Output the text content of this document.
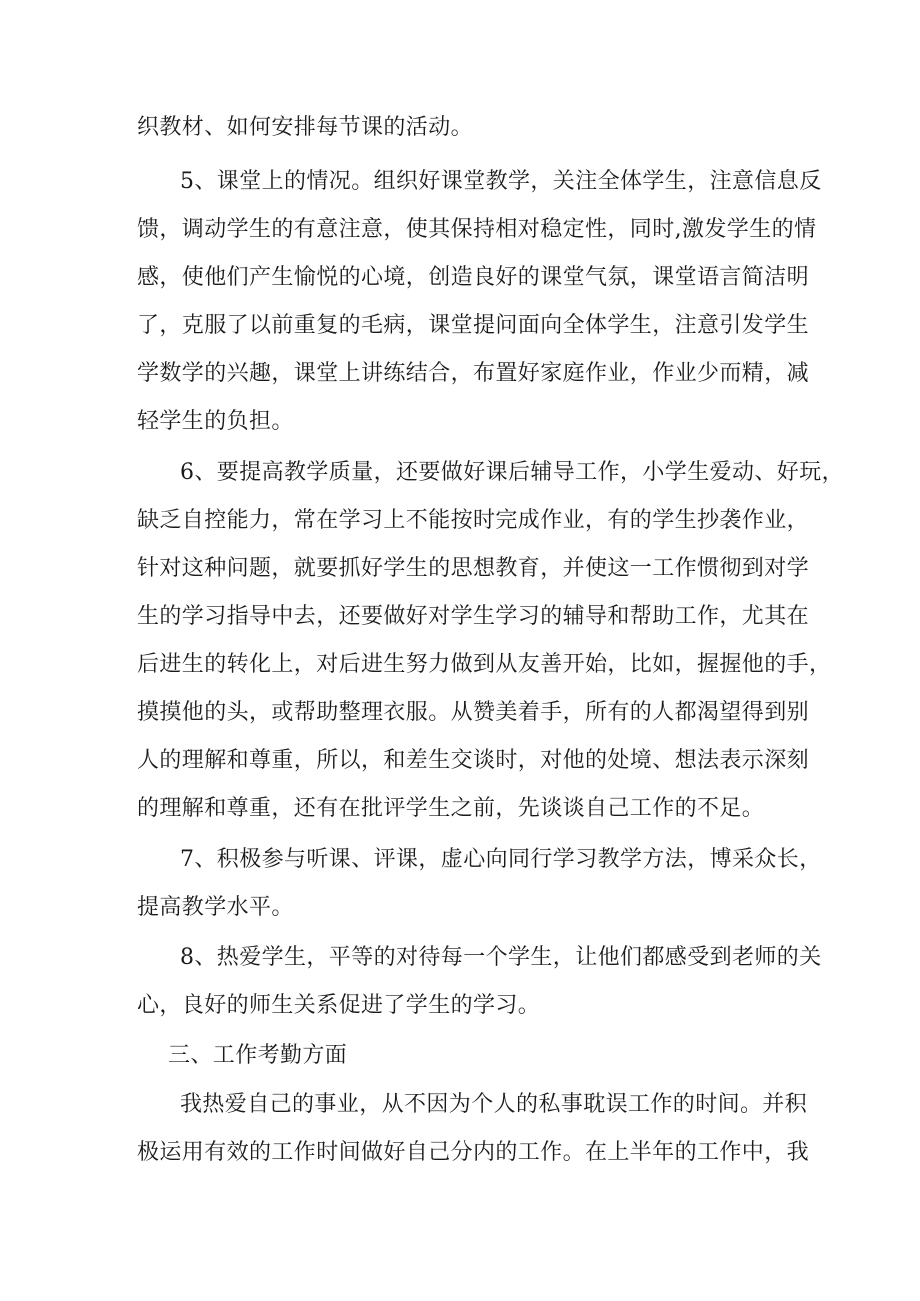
织教材、如何安排每节课的活动。
5、课堂上的情况。组织好课堂教学，关注全体学生，注意信息反
馈，调动学生的有意注意，使其保持相对稳定性，同时,激发学生的情
感，使他们产生愉悦的心境，创造良好的课堂气氛，课堂语言简洁明
了，克服了以前重复的毛病，课堂提问面向全体学生，注意引发学生
学数学的兴趣，课堂上讲练结合，布置好家庭作业，作业少而精，减
轻学生的负担。
6、要提高教学质量，还要做好课后辅导工作，小学生爱动、好玩，
缺乏自控能力，常在学习上不能按时完成作业，有的学生抄袭作业，
针对这种问题，就要抓好学生的思想教育，并使这一工作惯彻到对学
生的学习指导中去，还要做好对学生学习的辅导和帮助工作，尤其在
后进生的转化上，对后进生努力做到从友善开始，比如，握握他的手，
摸摸他的头，或帮助整理衣服。从赞美着手，所有的人都渴望得到别
人的理解和尊重，所以，和差生交谈时，对他的处境、想法表示深刻
的理解和尊重，还有在批评学生之前，先谈谈自己工作的不足。
7、积极参与听课、评课，虚心向同行学习教学方法，博采众长，
提高教学水平。
8、热爱学生，平等的对待每一个学生，让他们都感受到老师的关
心，良好的师生关系促进了学生的学习。
三、工作考勤方面
我热爱自己的事业，从不因为个人的私事耽误工作的时间。并积
极运用有效的工作时间做好自己分内的工作。在上半年的工作中，我
